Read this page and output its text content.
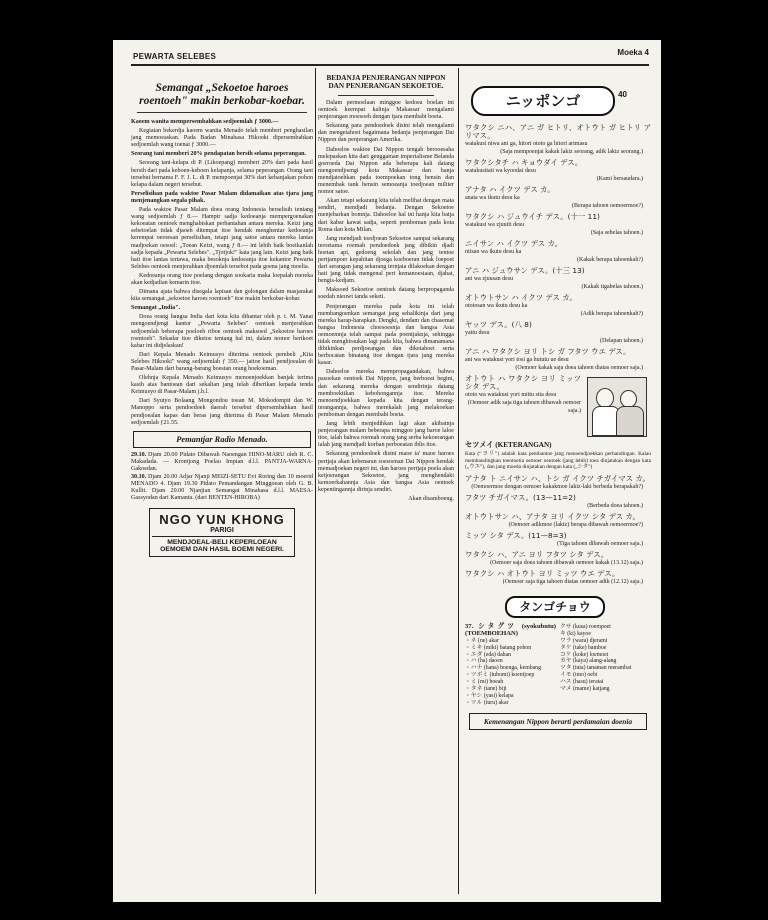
PEWARTA SELEBES	Moeka 4
Semangat „Sekoetoe haroes roentoeh" makin berkobar-koebar.

Kaoem wanita mempersembahkan sedjoemlah ƒ 3000.—

Kegiatan bekerdja kaoem wanita Menado telah memberi penghasilan jang memoeaskan. Pada Badan Minahasa Hikooki dipersembahkan sedjoemlah wang toenai ƒ 3000.—

Seorang tani memberi 20% pendapatan bersih selama peperangan.

Seorang tani-kelapa di P. (Likoepang) memberi 20% dari pada hasil bersih dari pada keboen-keboen kelapanja, selama peperangan. Orang tani tersebut bernama F. F. J. L. di P. mempoenjai 30% dari kebanjakan pohon kelapa dalam negeri tersebut.

Perselisihan pada waktoe Pasar Malam didamaikan atas tjara jang menjenangkan segala pihak.

Pada waktoe Pasar Malam doea orang Indonesia berselisih tentang wang sedjoemlah ƒ 8.— Hampir sadja kedoeanja mempergoenakan kekoeatan oentoek menghabiskan perbantahan antara mereka. Keizi jang sebetoelan tidak djaoeh ditempat itoe hendak menghentar kedoeanja kerempat oeroesan perselisihan, tetapi jang satoe antara mereka lantas madjoekan oesoel: „Toean Keizi, wang ƒ 8.— ini lebih baik boeikanlah sadja kepada „Pewarta Selebes". „Tjotjok!" kata jang lain. Keizi jang baik hati itoe lantas tertawa, maka besoknja kedoeanja itoe kekantor Pewarta Selebes oentoek menjerahkan djoemlah tersebot pada goena jang moelia.

Kedoeanja orang itoe poelang dengan sookaria maka loepalah mereka akan kedjadian kemarin itoe.

Dimana ajata bahwa disegala lapisan dan golongan dalam masjarakat kita semangat „sekoetoe haroes roentoeh" itoe makin berkobar-kobar.

Semangat „India".

Doea orang bangsa India dari kota kita dihantar oleh p. t. M. Yanai mengoendjengi kantor „Pewarta Selebes" oentoek menjerahkan sedjoemlah beberapa poeloeh riboe oentoek maksoed „Sekoetoe haroes roentoeh". Sekadar itoe diketoe tentang hal ini, dalam nomor berikoet kabar ini didjelaskan!

Dari Kepala Menado Keimusyo diterima oentoek pembeli „Kita Selebes Hikooki" wang sedjoemlah ƒ 350.— jaitoe hasil pendjoealan di Pasar-Malam dari barang-barang boestan orang hoekoeman.

Olehnja Kepala Menado Keimusyo menoenjoekkan banjak terima kasih atas bantoean dari sekalian jang telah diberikan kepada tenda Keimusyo di Pasar-Malam j.b.l.

Dari Syutyo Bolaang Mongondou toean M. Mokodompit dan W. Manoppo serta pendoedoek daerah tersebut dipersembahkan hasil pendjoealan kapas dan beras jang diterima di Pasar Malam Menado sedjoemlah ƒ21.55.

Pemantjar Radio Menado.
29.10. Djam 20.00 Pidato Dibawah Naoengan HINO-MARU oleh R. C. Makadada. — Krontjong Poelau Impian d.l.l. PANTJA-WARNA-Gakoedan.
30.10. Djam 20.00 Adjar Njanji MEIZI-SETU Evi Roring dan 10 moerid MENADO 4. Djam 19.30 Pidato Pemandangan Minggoean oleh G. B. Kullit. Djam 20.00 Njanjian Semangat Minahasa d.l.l. MAESA-Gassyodan dari Kamanta. (dari BENTEN-HIROBA)
NGO YUN KHONG
PARIGI
MENDJOEAL-BELI KEPERLOEAN OEMOEM DAN HASIL BOEMI NEGERI.
BEDANJA PENJERANGAN NIPPON DAN PENJERANGAN SEKOETOE.

Dalam permoelaan minggoe kedoea boelan ini oentoek keempat kalinja Makassar mengalami penjerangan moesoeh dengan tjara membabi boeta.

Sekarang para pendoedoek disini telah mengalami dan mengetahoei bagaimana bedanja penjerangan Dai Nippon dan penjerangan Amerika.

Dahoeloe waktoe Dai Nippon tengah berooesaha melepaskan kita dari genggaman imperialisme Belanda goeroeda Dai Nippon ada beberapa kali datang mengoendjoengi kota Makassar dan hanja mendjatoehkan pada toempoekan tong bensin dan menembak tank bensin semoeanja toedjoean militer nomor satoe.

Akan tetapi sekarang kita telah melihat dengan mata sendiri, mendjadi bedanja. Dengan Sekoetoe menjebarkan bomnja. Dahoeloe hal ini hanja kita batja dari kabar kawat sadja, seperti pemboman pada kota Roma dan kota Milan.

Jang mendjadi toedjoean Sekoetoe sampai sekarang teroetama roemah pendoedoek jang dibikin djadi hoetan api, gedoeng sekolah dan jang tentoe pertjampoer kepahitan djoega koeboeran tidak loepoet dari serangan jang sekarang ternjata dilakoekan dengan hati jang tidak mengenal peri kemanoesiaan, djahat, bengis-kedjam.

Maksoed Sekoetoe oentoek datang berpropaganda soedah nieuwt tanda seketi.

Penjerangan mereka pada kota ini telah membangoenkan semangat jang sehalikinja dari jang mereka harap-harapkan. Dengki, dendam dan chasemat bangsa Indonesia choesoesnja dan bangsa Asia oemoemnja telah sampai pada poentjaknja, sehingga tidak menghiraukan lagi pada kita, bahwa dimanamana dibikinkan perdjoeangan dan diketahoei serta berbocatan binatang itoe dengan tjara jang mereka kasar.

Dahoeloe mereka mempropagandakan, bahwa pasoekan oentoek Dai Nippon, jang berboeat begini, dan sekarang mereka dengan sendirinja datang memboektikan kebohongannja itoe. Mereka menoendjoekkan kepada kita dengan terang-terangannja, bahwa merekalah jang melakoekan pemboman dengan membabi boeta.

Jang lebih menjedihkan lagi akan akibatnja penjerangan malam beberapa minggoe jang baroe laloe itoe, ialah bahwa roemah orang jang serba kekoerangan ialah jang mendjadi korban perboeatan iblis itoe.

Sekarang pendoedoek disini maoe ta' maoe haroes pertjaja akan kebenaran soesoenan Dai Nippon hendak memadjoekan negeri ini, dan haroes pertjaja poela akan ketjoerangan Sekoetoe, jang menghendaki kemoerkahannja Asia dan bangsa Asia oentoek kepentingannja dirinja sendiri.

Akan disamboeng.

ニッポンゴ	40
ワタクシ ニハ、アニ ガ ヒトリ、オトウト ガ ヒトリ アリマス。
watakusi niwa ani ga, hitori ototo ga hitori arimasu
(Saja mempoenjai kakak lakiz seorang, adik lakiz seorang.)
ワタクシタチ ハ キョウダイ デス。
watakusitati wa kyoodai desu
(Kami bersaudara.)
アナタ ハ イクツ デス カ。
anata wa ikutu desu ka
(Berapa tahoen oemoermoe?)
ワタクシ ハ ジュウイチ デス。(十一 11)
watakusi wa zjuuiti desu
(Saja sebelas tahoen.)
ニイサン ハ イクツ デス カ。
niisan wa ikutu desu ka
(Kakak berapa tahoenkah?)
アニ ハ ジュウサン デス。(十三 13)
ani wa zjuusan desu
(Kakak tigabelas tahoen.)
オトウトサン ハ イクツ デス カ。
ototosan wa ikutu desu ka
(Adik berapa tahoenkah?)
ヤッツ デス。(八 8)
yattu desu
(Delapan tahoen.)
アニ ハ ワタクシ ヨリ トシ ガ フタツ ウエ デス。
ani wa watakusi yori tosi ga hututu ue desu
(Oemoer kakak saja doea tahoen diatas oemoer saja.)
オトウト ハ ワタクシ ヨリ ミッツ シタ デス。
ototo wa watakusi yori mittu sita desu
(Oemoer adik saja tiga tahoen dibawah oemoer saja.)
セツメイ (KETERANGAN)
Kata (“ヨリ”) adalah kata pembantoe jang menoendjoekkan perbandingan. Kalau membandingkan toentoetia oemoer oentoek (jang lebih) toea dinjatakan dengan kata („ウエ”), dan jang moeda dinjatakan dengan kata („シタ”)
アナタ ト ニイサン ハ、トシ ガ イクツ チガイマス カ。
(Oemoermoe dengan oemoer kakakmoe lakiz-laki berbeda berapakah?)
フタツ チガイマス。(13—11=2)
(Berbeda doea tahoen.)
オトウトサン ハ、アナタ ヨリ イクツ シタ デス カ。
(Oemoer adikmoe (lakiz) berapa dibawah oemoermoe?)
ミッツ シタ デス。(11—8=3)
(Tiga tahoen dibawah oemoer saja.)
ワタクシ ハ、アニ ヨリ フタツ シタ デス。
(Oemoer saja doea tahoen dibawah oemoer kakak (13.12) saja.)
ワタクシ ハ オトウト ヨリ ミッツ ウエ デス。
(Oemoer saja tiga tahoen diatas oemoer adik (12.12) saja.)
タンゴチョウ
37. シタグツ (syokubutu) (TOEMBOEHAN)
・ネ (ne) akar
・ミキ (miki) batang pohon
・エダ (eda) dahan
・ハ (ha) daoen
・ハナ (hana) boenga, kembang
・ツボミ (tubomi) koentjoep
・ミ (mi) boeah
・タネ (tane) biji
・ヤシ (yasi) kelapa
・ツル (turu) akar
クサ (kusa) roempoet
キ (ki) kayoe
ワラ (wara) djerami
タケ (take) bamboe
コケ (koke) loemoet
カヤ (kaya) alang-alang
ツタ (tuta) tanaman merambat
イモ (imo) oebi
ハス (hasu) teratai
マメ (mame) katjang
Kemenangan Nippon berarti perdamaian doenia
